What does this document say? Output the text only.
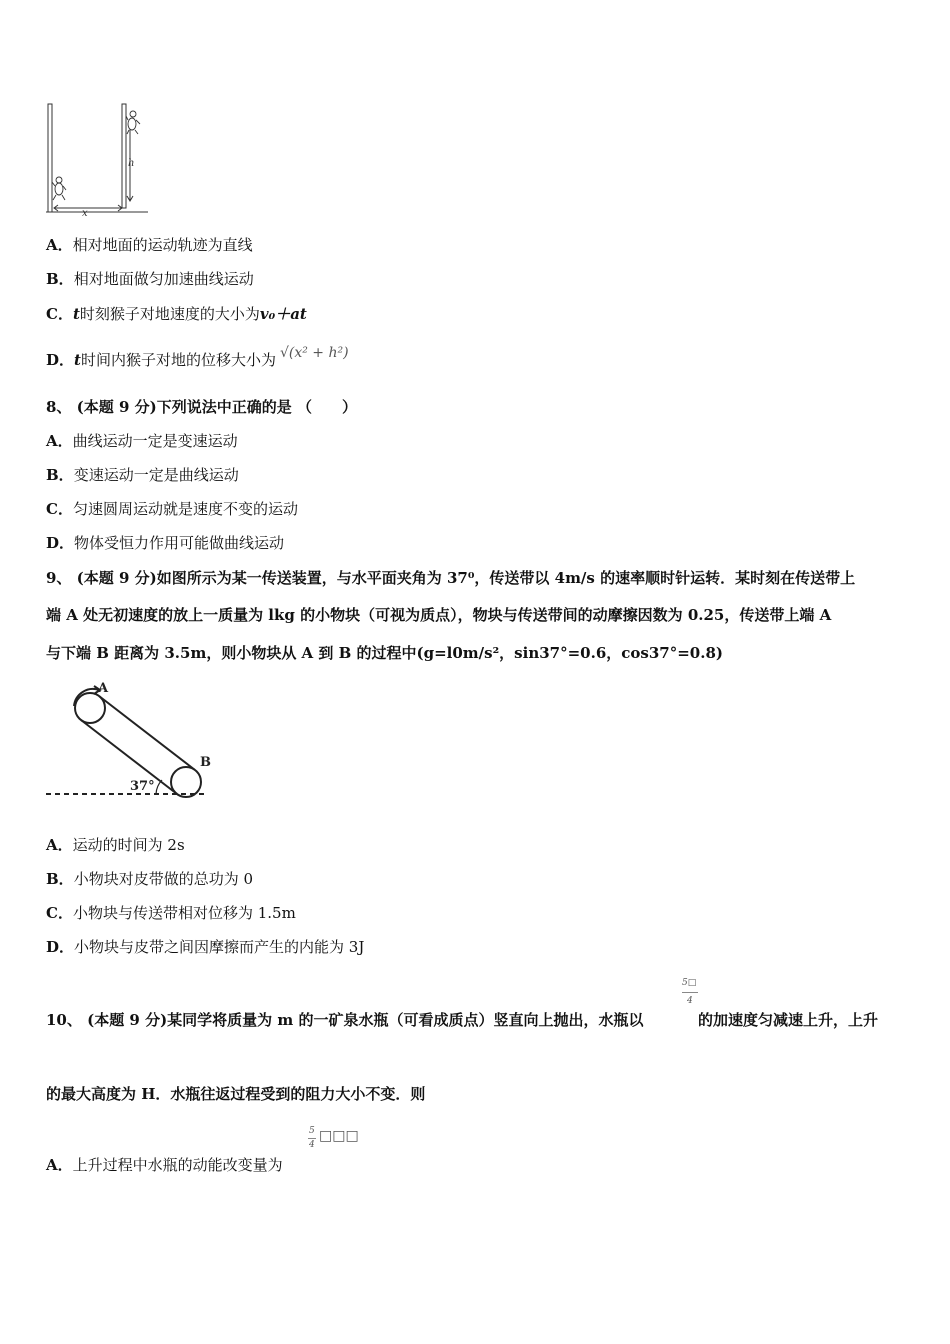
h
x
A．相对地面的运动轨迹为直线
B．相对地面做匀加速曲线运动
C．t时刻猴子对地速度的大小为v₀＋at
D．t时间内猴子对地的位移大小为 √(x² + h²)
8、 (本题 9 分)下列说法中正确的是 （　　）
A．曲线运动一定是变速运动
B．变速运动一定是曲线运动
C．匀速圆周运动就是速度不变的运动
D．物体受恒力作用可能做曲线运动
9、 (本题 9 分)如图所示为某一传送装置，与水平面夹角为 37⁰，传送带以 4m/s 的速率顺时针运转．某时刻在传送带上
端 A 处无初速度的放上一质量为 lkg 的小物块（可视为质点），物块与传送带间的动摩擦因数为 0.25，传送带上端 A
与下端 B 距离为 3.5m，则小物块从 A 到 B 的过程中(g=l0m/s²，sin37°=0.6，cos37°=0.8)
A
B
37°
A．运动的时间为 2s
B．小物块对皮带做的总功为 0
C．小物块与传送带相对位移为 1.5m
D．小物块与皮带之间因摩擦而产生的内能为 3J
5□
4
10、 (本题 9 分)某同学将质量为 m 的一矿泉水瓶（可看成质点）竖直向上抛出，水瓶以	的加速度匀减速上升，上升
的最大高度为 H．水瓶往返过程受到的阻力大小不变．则
5
4
□□□
A．上升过程中水瓶的动能改变量为
